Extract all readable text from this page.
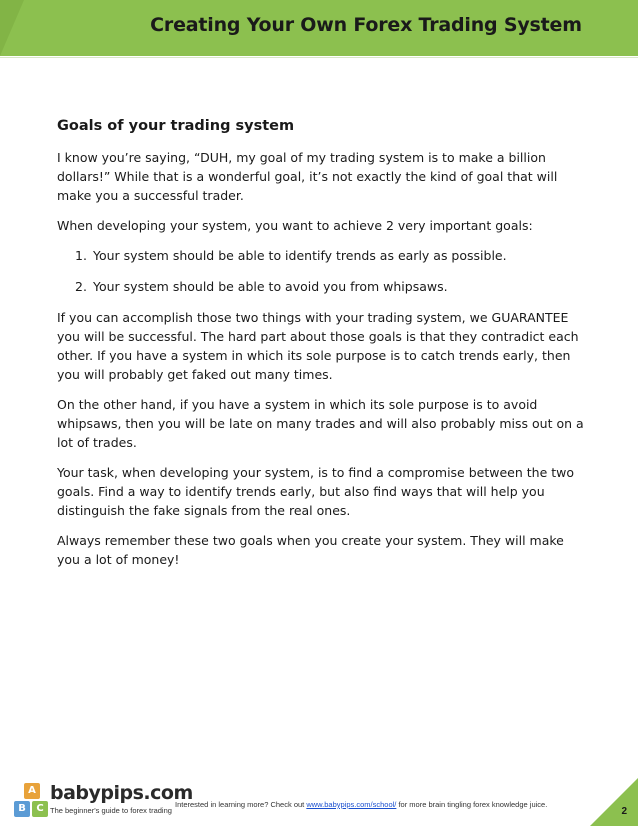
Creating Your Own Forex Trading System
Goals of your trading system

I know you’re saying, “DUH, my goal of my trading system is to make a billion dollars!” While that is a wonderful goal, it’s not exactly the kind of goal that will make you a successful trader.

When developing your system, you want to achieve 2 very important goals:

1. Your system should be able to identify trends as early as possible.
2. Your system should be able to avoid you from whipsaws.

If you can accomplish those two things with your trading system, we GUARANTEE you will be successful. The hard part about those goals is that they contradict each other. If you have a system in which its sole purpose is to catch trends early, then you will probably get faked out many times.

On the other hand, if you have a system in which its sole purpose is to avoid whipsaws, then you will be late on many trades and will also probably miss out on a lot of trades.

Your task, when developing your system, is to find a compromise between the two goals. Find a way to identify trends early, but also find ways that will help you distinguish the fake signals from the real ones.

Always remember these two goals when you create your system. They will make you a lot of money!

A
B	C
babypips.com
The beginner's guide to forex trading
Interested in learning more? Check out www.babypips.com/school/ for more brain tingling forex knowledge juice.
2
